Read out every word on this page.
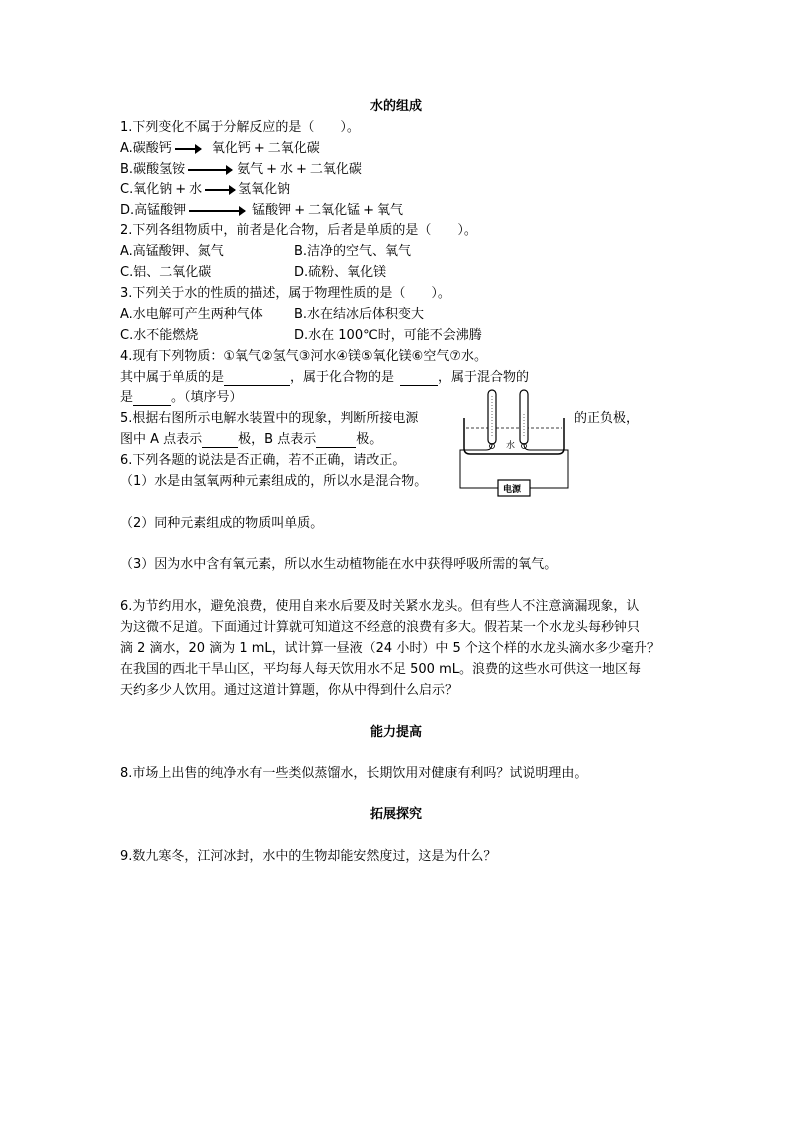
水的组成
1.下列变化不属于分解反应的是（　　）。
A.碳酸钙 → 氧化钙 + 二氧化碳
B.碳酸氢铵 → 氨气 + 水 + 二氧化碳
C.氧化钠 + 水 → 氢氧化钠
D.高锰酸钾	锰酸钾 + 二氧化锰 + 氧气
2.下列各组物质中，前者是化合物，后者是单质的是（　　）。
A.高锰酸钾、氮气	B.洁净的空气、氧气
C.铝、二氧化碳	D.硫粉、氧化镁
3.下列关于水的性质的描述，属于物理性质的是（　　）。
A.水电解可产生两种气体 B.水在结冰后体积变大
C.水不能燃烧	D.水在 100℃时，可能不会沸腾
4.现有下列物质：①氧气②氢气③河水④镁⑤氧化镁⑥空气⑦水。
其中属于单质的是	，属于化合物的是	，属于混合物的
是	。（填序号）
5.根据右图所示电解水装置中的现象，判断所接电源	的正负极，
图中 A 点表示	极，B 点表示	极。	水
电源
6.下列各题的说法是否正确，若不正确，请改正。
（1）水是由氢氧两种元素组成的，所以水是混合物。
（2）同种元素组成的物质叫单质。
（3）因为水中含有氧元素，所以水生动植物能在水中获得呼吸所需的氧气。
6.为节约用水，避免浪费，使用自来水后要及时关紧水龙头。但有些人不注意滴漏现象，认
为这微不足道。下面通过计算就可知道这不经意的浪费有多大。假若某一个水龙头每秒钟只
滴 2 滴水，20 滴为 1 mL，试计算一昼液（24 小时）中 5 个这个样的水龙头滴水多少毫升？
在我国的西北干旱山区，平均每人每天饮用水不足 500 mL。浪费的这些水可供这一地区每
天约多少人饮用。通过这道计算题，你从中得到什么启示？
能力提高
8.市场上出售的纯净水有一些类似蒸馏水，长期饮用对健康有利吗？试说明理由。
拓展探究
9.数九寒冬，江河冰封，水中的生物却能安然度过，这是为什么？
